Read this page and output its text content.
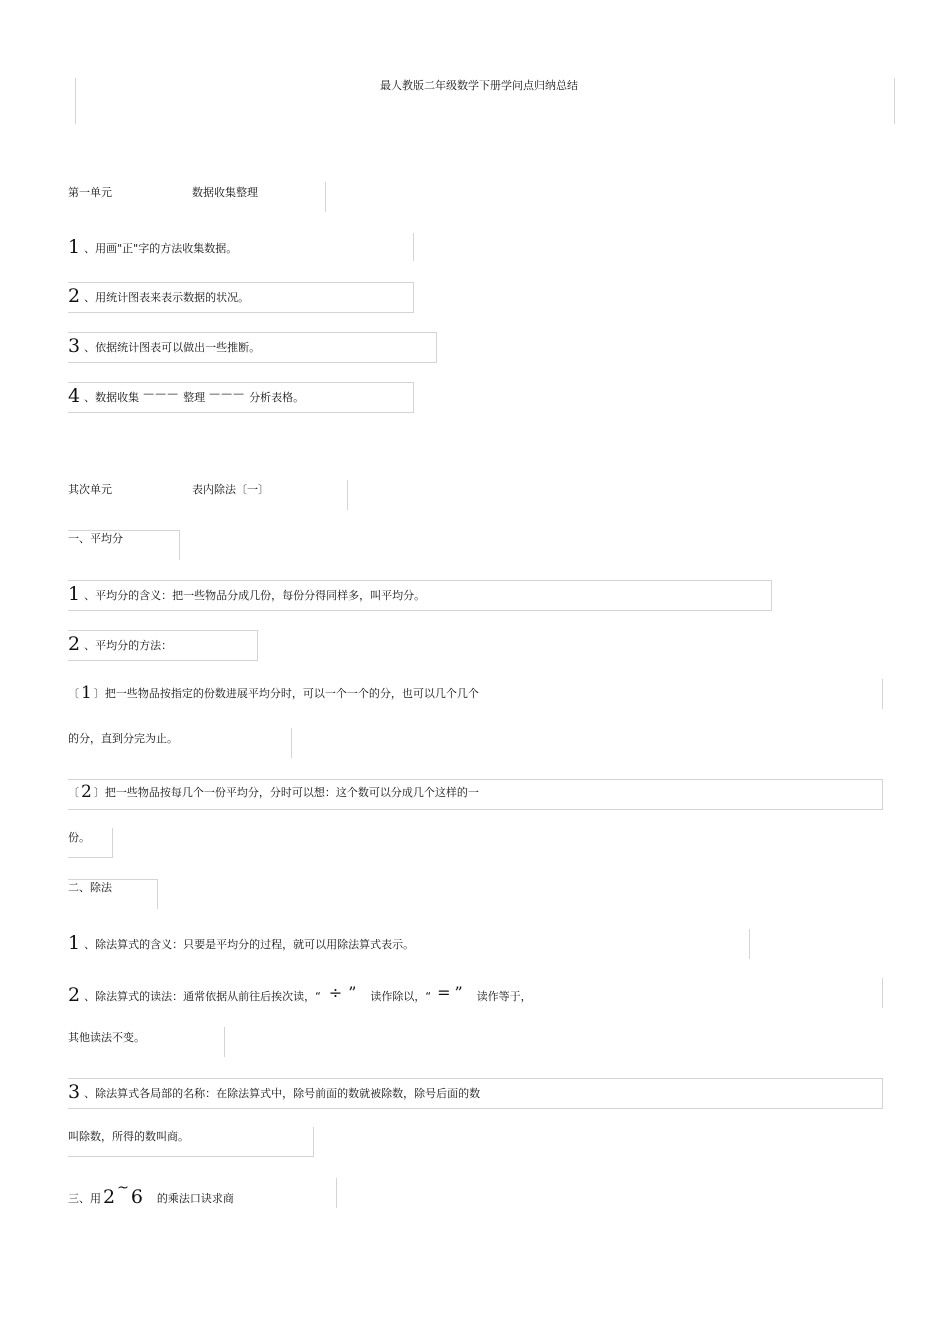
最人教版二年级数学下册学问点归纳总结
第一单元	数据收集整理
1 、用画"正"字的方法收集数据。
2 、用统计图表来表示数据的状况。
3 、依据统计图表可以做出一些推断。
4 、数据收集 ——— 整理 ——— 分析表格。
其次单元	表内除法〔一〕
一、平均分
1 、平均分的含义：把一些物品分成几份，每份分得同样多，叫平均分。
2 、平均分的方法：
〔 1 〕把一些物品按指定的份数进展平均分时，可以一个一个的分，也可以几个几个
的分，直到分完为止。
〔 2 〕把一些物品按每几个一份平均分，分时可以想：这个数可以分成几个这样的一
份。
二、除法
1 、除法算式的含义：只要是平均分的过程，就可以用除法算式表示。
2 、除法算式的读法：通常依据从前往后挨次读，“ ÷ ” 读作除以，“ = ” 读作等于，
其他读法不变。
3 、除法算式各局部的名称：在除法算式中，除号前面的数就被除数，除号后面的数
叫除数，所得的数叫商。
三、用 2 ~ 6 的乘法口诀求商
